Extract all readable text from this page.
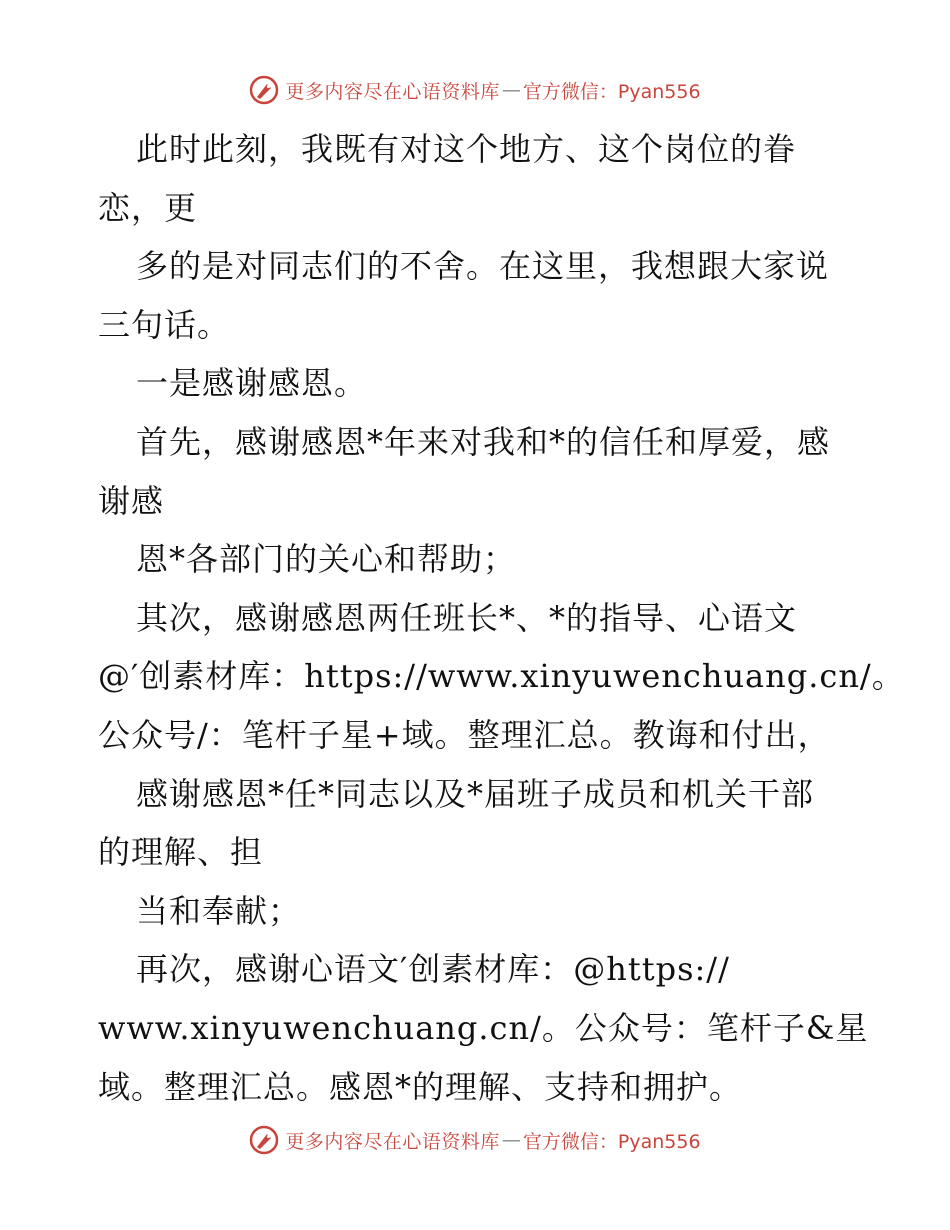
更多内容尽在心语资料库 — 官方微信：Pyan556
此时此刻，我既有对这个地方、这个岗位的眷
恋，更
多的是对同志们的不舍。在这里，我想跟大家说
三句话。
一是感谢感恩。
首先，感谢感恩*年来对我和*的信任和厚爱，感
谢感
恩*各部门的关心和帮助；
其次，感谢感恩两任班长*、*的指导、心语文
@′创素材库：https://www.xinyuwenchuang.cn/。
公众号/：笔杆子星+域。整理汇总。教诲和付出，
感谢感恩*任*同志以及*届班子成员和机关干部
的理解、担
当和奉献；
再次，感谢心语文′创素材库：@https://
www.xinyuwenchuang.cn/。公众号：笔杆子&星
域。整理汇总。感恩*的理解、支持和拥护。
更多内容尽在心语资料库 — 官方微信：Pyan556
